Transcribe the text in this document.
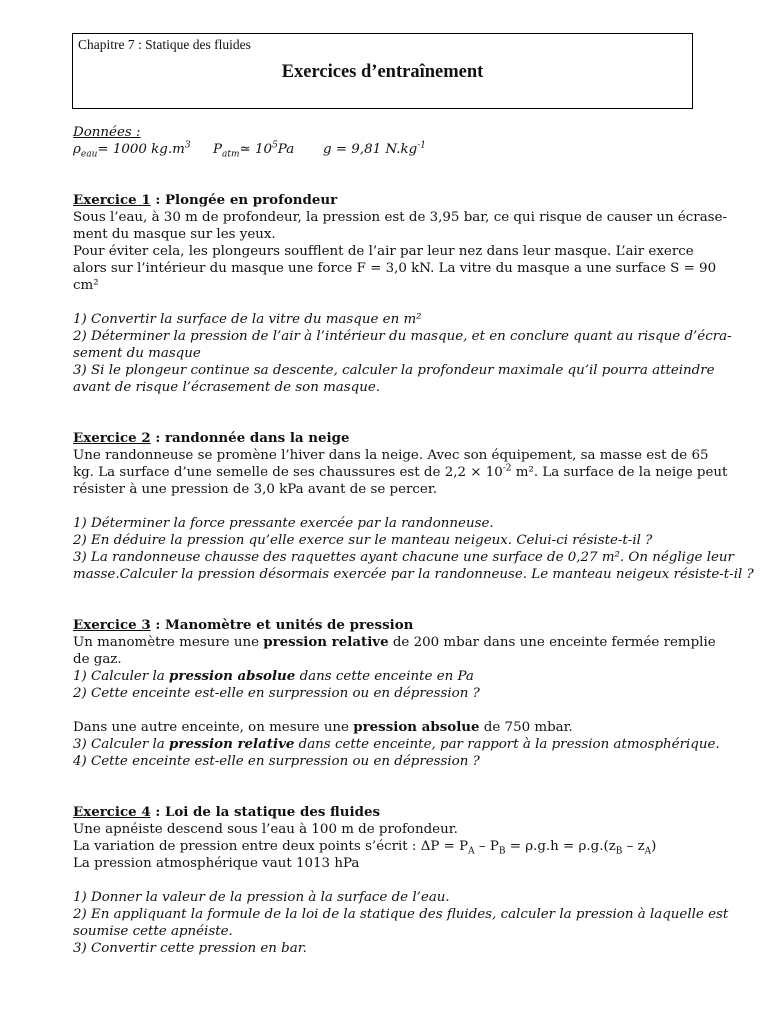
Chapitre 7 : Statique des fluides
Exercices d’entraînement
Données :
$\rho_{eau}= 1000$ $kg.m^3$ $P_{atm}≃$ $10^5Pa$ g = 9,81 $N.kg^{-1}$
Exercice 1 : Plongée en profondeur
Sous l’eau, à 30 m de profondeur, la pression est de 3,95 bar, ce qui risque de causer un écrase-
ment du masque sur les yeux.
Pour éviter cela, les plongeurs soufflent de l’air par leur nez dans leur masque. L’air exerce
alors sur l’intérieur du masque une force F = 3,0 kN. La vitre du masque a une surface S = 90
cm²
1) Convertir la surface de la vitre du masque en m²
2) Déterminer la pression de l’air à l’intérieur du masque, et en conclure quant au risque d’écra-
sement du masque
3) Si le plongeur continue sa descente, calculer la profondeur maximale qu’il pourra atteindre
avant de risque l’écrasement de son masque.
Exercice 2 : randonnée dans la neige
Une randonneuse se promène l’hiver dans la neige. Avec son équipement, sa masse est de 65
kg. La surface d’une semelle de ses chaussures est de $2,2 \times 10^{-2}$ m². La surface de la neige peut
résister à une pression de 3,0 kPa avant de se percer.
1) Déterminer la force pressante exercée par la randonneuse.
2) En déduire la pression qu’elle exerce sur le manteau neigeux. Celui-ci résiste-t-il ?
3) La randonneuse chausse des raquettes ayant chacune une surface de 0,27 m². On néglige leur
masse.Calculer la pression désormais exercée par la randonneuse. Le manteau neigeux résiste-t-il ?
Exercice 3 : Manomètre et unités de pression
Un manomètre mesure une pression relative de 200 mbar dans une enceinte fermée remplie
de gaz.
1) Calculer la pression absolue dans cette enceinte en Pa
2) Cette enceinte est-elle en surpression ou en dépression ?
Dans une autre enceinte, on mesure une pression absolue de 750 mbar.
3) Calculer la pression relative dans cette enceinte, par rapport à la pression atmosphérique.
4) Cette enceinte est-elle en surpression ou en dépression ?
Exercice 4 : Loi de la statique des fluides
Une apnéiste descend sous l’eau à 100 m de profondeur.
La variation de pression entre deux points s’écrit : $\Delta P = P_A - P_B = \rho.g.h = \rho.g.(z_B - z_A)$
La pression atmosphérique vaut 1013 hPa
1) Donner la valeur de la pression à la surface de l’eau.
2) En appliquant la formule de la loi de la statique des fluides, calculer la pression à laquelle est
soumise cette apnéiste.
3) Convertir cette pression en bar.
